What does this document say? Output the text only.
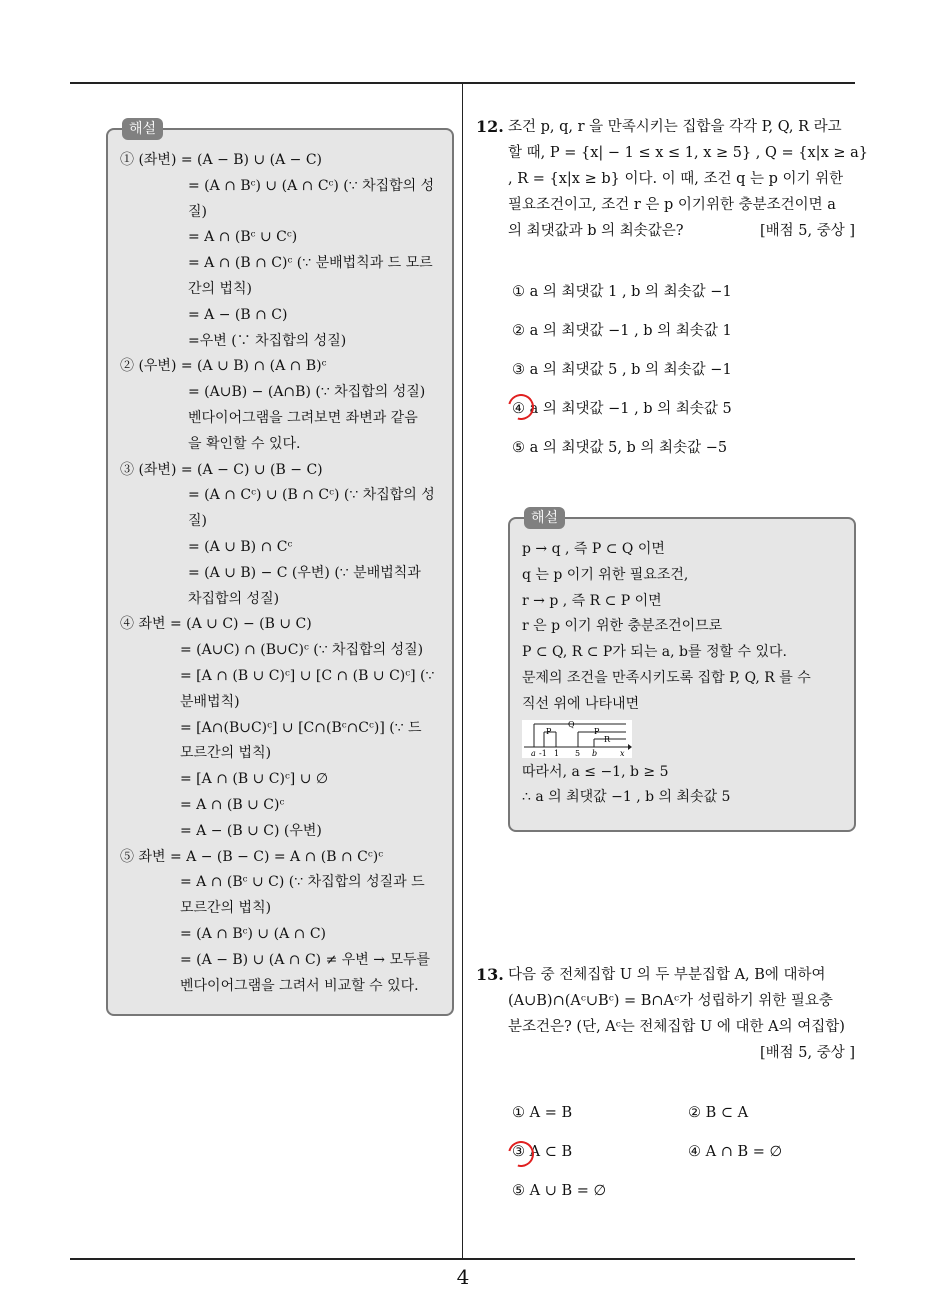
해설
① (좌변) = (A − B) ∪ (A − C)
= (A ∩ Bᶜ) ∪ (A ∩ Cᶜ) (∵ 차집합의 성
질)
= A ∩ (Bᶜ ∪ Cᶜ)
= A ∩ (B ∩ C)ᶜ (∵ 분배법칙과 드 모르
간의 법칙)
= A − (B ∩ C)
=우변 (∵ 차집합의 성질)
② (우변) = (A ∪ B) ∩ (A ∩ B)ᶜ
= (A∪B) − (A∩B) (∵ 차집합의 성질)
벤다이어그램을 그려보면 좌변과 같음
을 확인할 수 있다.
③ (좌변) = (A − C) ∪ (B − C)
= (A ∩ Cᶜ) ∪ (B ∩ Cᶜ) (∵ 차집합의 성
질)
= (A ∪ B) ∩ Cᶜ
= (A ∪ B) − C (우변) (∵ 분배법칙과
차집합의 성질)
④ 좌변 = (A ∪ C) − (B ∪ C)
= (A∪C) ∩ (B∪C)ᶜ (∵ 차집합의 성질)
= [A ∩ (B ∪ C)ᶜ] ∪ [C ∩ (B ∪ C)ᶜ] (∵
분배법칙)
= [A∩(B∪C)ᶜ] ∪ [C∩(Bᶜ∩Cᶜ)] (∵ 드
모르간의 법칙)
= [A ∩ (B ∪ C)ᶜ] ∪ ∅
= A ∩ (B ∪ C)ᶜ
= A − (B ∪ C) (우변)
⑤ 좌변 = A − (B − C) = A ∩ (B ∩ Cᶜ)ᶜ
= A ∩ (Bᶜ ∪ C) (∵ 차집합의 성질과 드
모르간의 법칙)
= (A ∩ Bᶜ) ∪ (A ∩ C)
= (A − B) ∪ (A ∩ C) ≠ 우변 → 모두를
벤다이어그램을 그려서 비교할 수 있다.
12. 조건 p, q, r 을 만족시키는 집합을 각각 P, Q, R 라고
할 때, P = {x| − 1 ≤ x ≤ 1, x ≥ 5} , Q = {x|x ≥ a}
, R = {x|x ≥ b} 이다. 이 때, 조건 q 는 p 이기 위한
필요조건이고, 조건 r 은 p 이기위한 충분조건이면 a
의 최댓값과 b 의 최솟값은?	[배점 5, 중상 ]
① a 의 최댓값 1 , b 의 최솟값 −1
② a 의 최댓값 −1 , b 의 최솟값 1
③ a 의 최댓값 5 , b 의 최솟값 −1
④ a 의 최댓값 −1 , b 의 최솟값 5
⑤ a 의 최댓값 5, b 의 최솟값 −5
해설
p → q , 즉 P ⊂ Q 이면
q 는 p 이기 위한 필요조건,
r → p , 즉 R ⊂ P 이면
r 은 p 이기 위한 충분조건이므로
P ⊂ Q, R ⊂ P가 되는 a, b를 정할 수 있다.
문제의 조건을 만족시키도록 집합 P, Q, R 를 수
직선 위에 나타내면
Q
P	P
R
a -1 1 5 b	x
따라서, a ≤ −1, b ≥ 5
∴ a 의 최댓값 −1 , b 의 최솟값 5
13. 다음 중 전체집합 U 의 두 부분집합 A, B에 대하여
(A∪B)∩(Aᶜ∪Bᶜ) = B∩Aᶜ가 성립하기 위한 필요충
분조건은? (단, Aᶜ는 전체집합 U 에 대한 A의 여집합)
[배점 5, 중상 ]
① A = B	② B ⊂ A
③ A ⊂ B	④ A ∩ B = ∅
⑤ A ∪ B = ∅
4
